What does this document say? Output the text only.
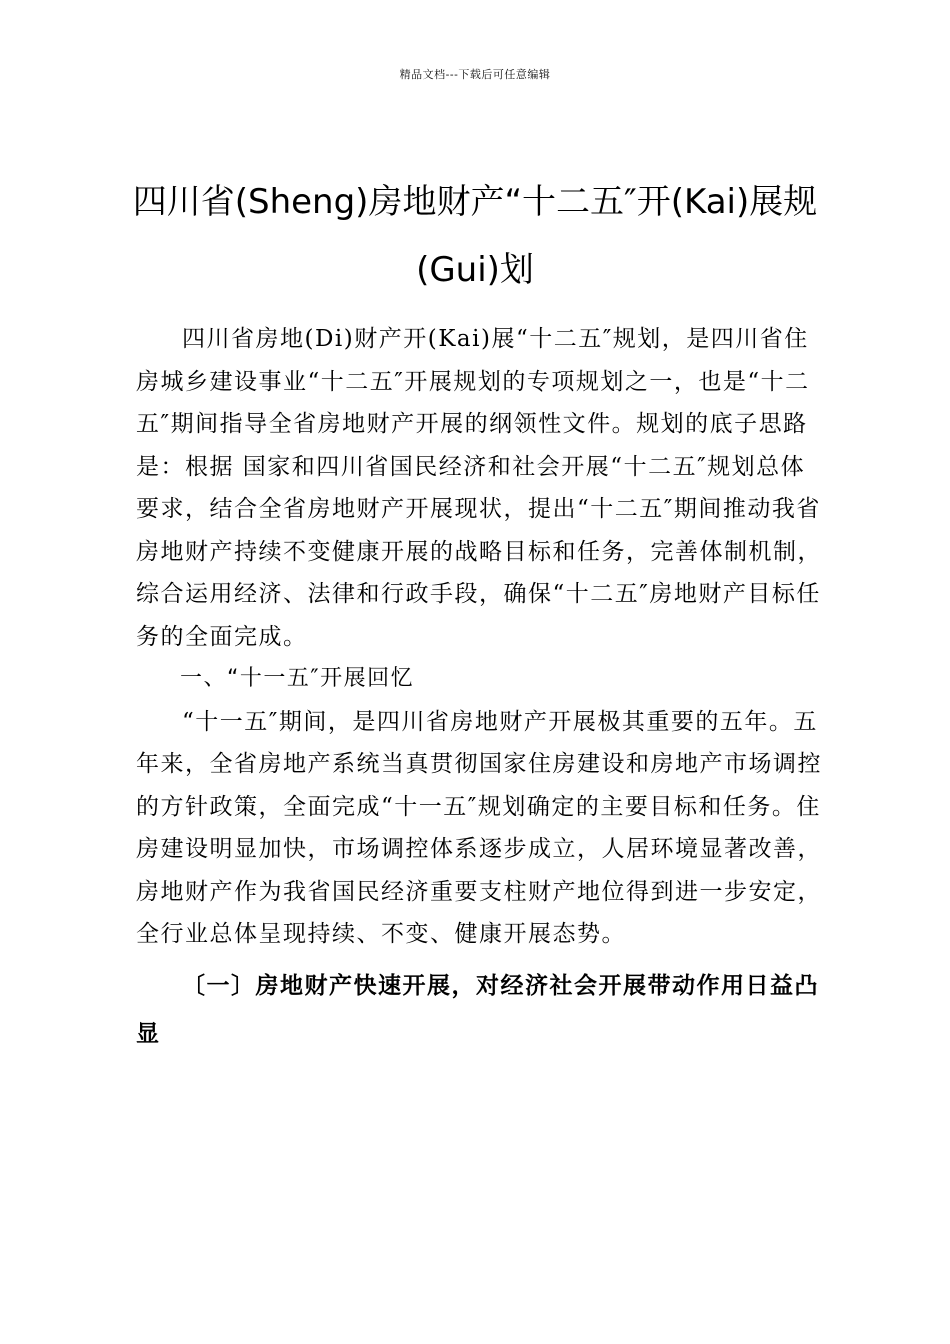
精品文档---下载后可任意编辑
四川省(Sheng)房地财产“十二五″开(Kai)展规(Gui)划

四川省房地(Di)财产开(Kai)展“十二五″规划，是四川省住房城乡建设事业“十二五″开展规划的专项规划之一，也是“十二五″期间指导全省房地财产开展的纲领性文件。规划的底子思路是：根据 国家和四川省国民经济和社会开展“十二五″规划总体要求，结合全省房地财产开展现状，提出“十二五″期间推动我省房地财产持续不变健康开展的战略目标和任务，完善体制机制，综合运用经济、法律和行政手段，确保“十二五″房地财产目标任务的全面完成。

一、“十一五″开展回忆

“十一五″期间，是四川省房地财产开展极其重要的五年。五年来，全省房地产系统当真贯彻国家住房建设和房地产市场调控的方针政策，全面完成“十一五″规划确定的主要目标和任务。住房建设明显加快，市场调控体系逐步成立，人居环境显著改善，房地财产作为我省国民经济重要支柱财产地位得到进一步安定，全行业总体呈现持续、不变、健康开展态势。

〔一〕房地财产快速开展，对经济社会开展带动作用日益凸显
